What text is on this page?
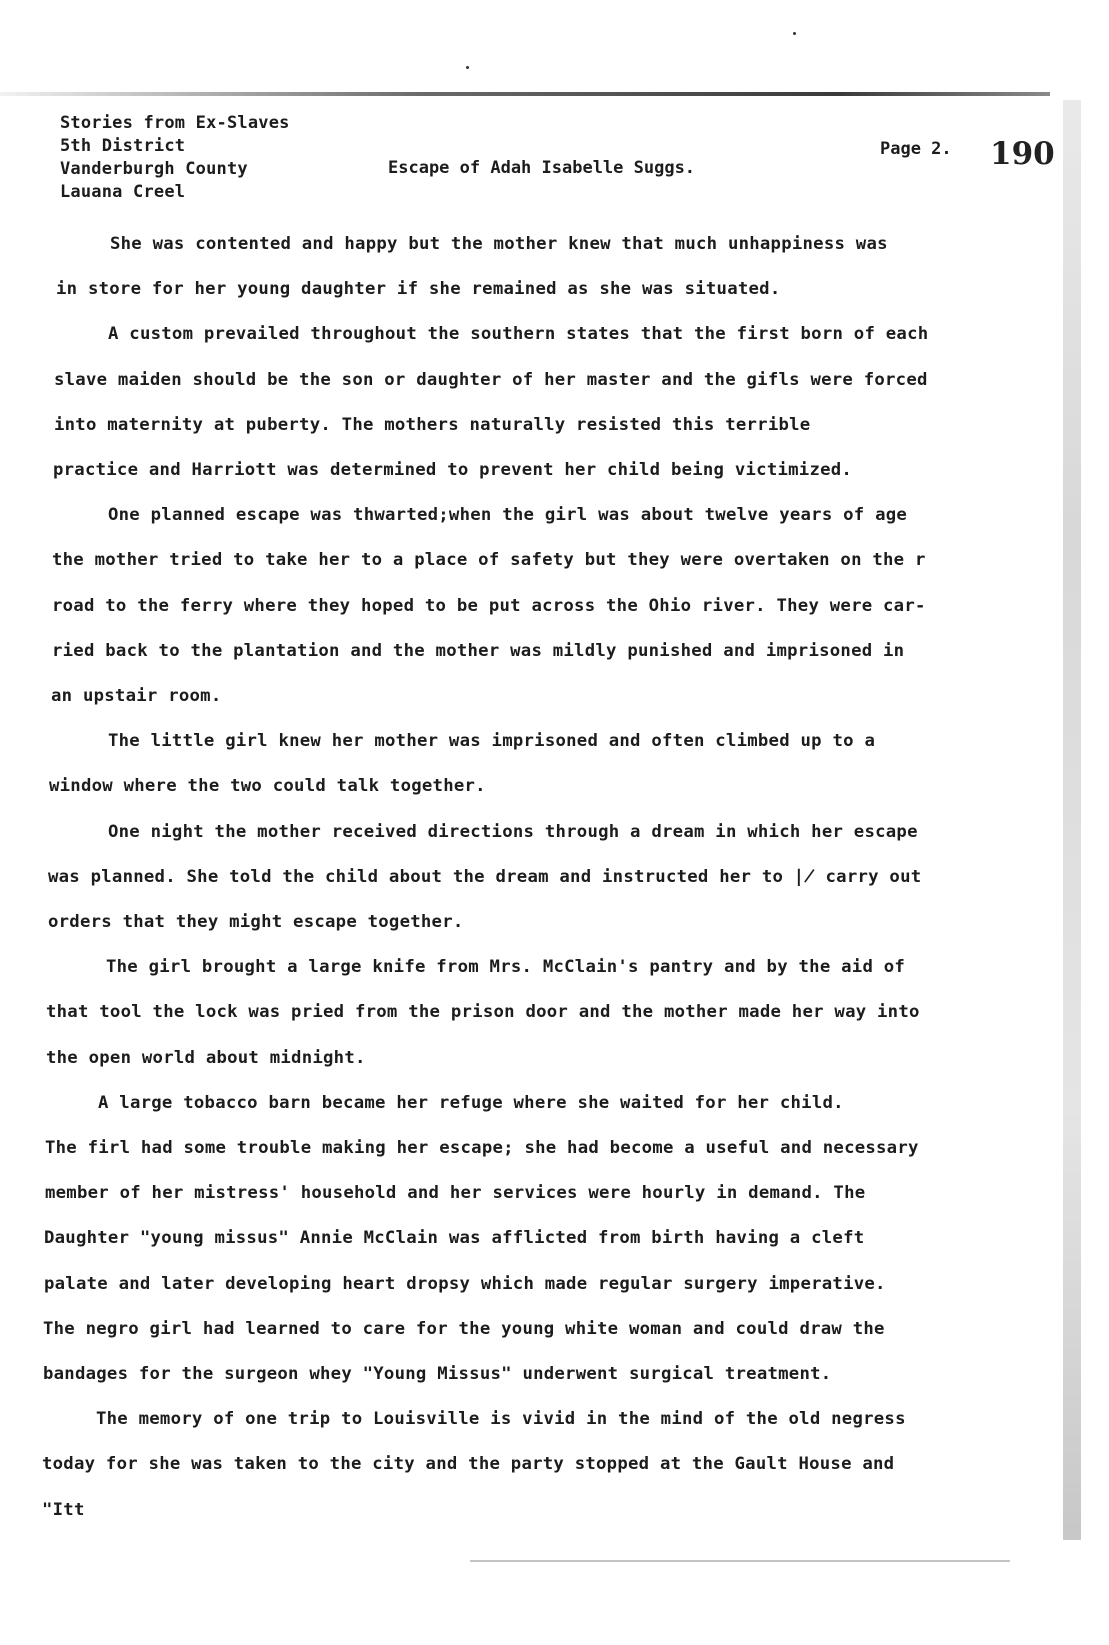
Stories from Ex-Slaves
5th District
Vanderburgh County
Lauana Creel
Escape of Adah Isabelle Suggs.
Page 2. 190
She was contented and happy but the mother knew that much unhappiness was
in store for her young daughter if she remained as she was situated.
A custom prevailed throughout the southern states that the first born of each
slave maiden should be the son or daughter of her master and the gifls were forced
into maternity at puberty. The mothers naturally resisted this terrible
practice and Harriott was determined to prevent her child being victimized.
One planned escape was thwarted;when the girl was about twelve years of age
the mother tried to take her to a place of safety but they were overtaken on the r
road to the ferry where they hoped to be put across the Ohio river. They were car-
ried back to the plantation and the mother was mildly punished and imprisoned in
an upstair room.
The little girl knew her mother was imprisoned and often climbed up to a
window where the two could talk together.
One night the mother received directions through a dream in which her escape
was planned. She told the child about the dream and instructed her to ∤ carry out
orders that they might escape together.
The girl brought a large knife from Mrs. McClain's pantry and by the aid of
that tool the lock was pried from the prison door and the mother made her way into
the open world about midnight.
A large tobacco barn became her refuge where she waited for her child.
The firl had some trouble making her escape; she had become a useful and necessary
member of her mistress' household and her services were hourly in demand. The
Daughter "young missus" Annie McClain was afflicted from birth having a cleft
palate and later developing heart dropsy which made regular surgery imperative.
The negro girl had learned to care for the young white woman and could draw the
bandages for the surgeon whey "Young Missus" underwent surgical treatment.
The memory of one trip to Louisville is vivid in the mind of the old negress
today for she was taken to the city and the party stopped at the Gault House and
"Itt
